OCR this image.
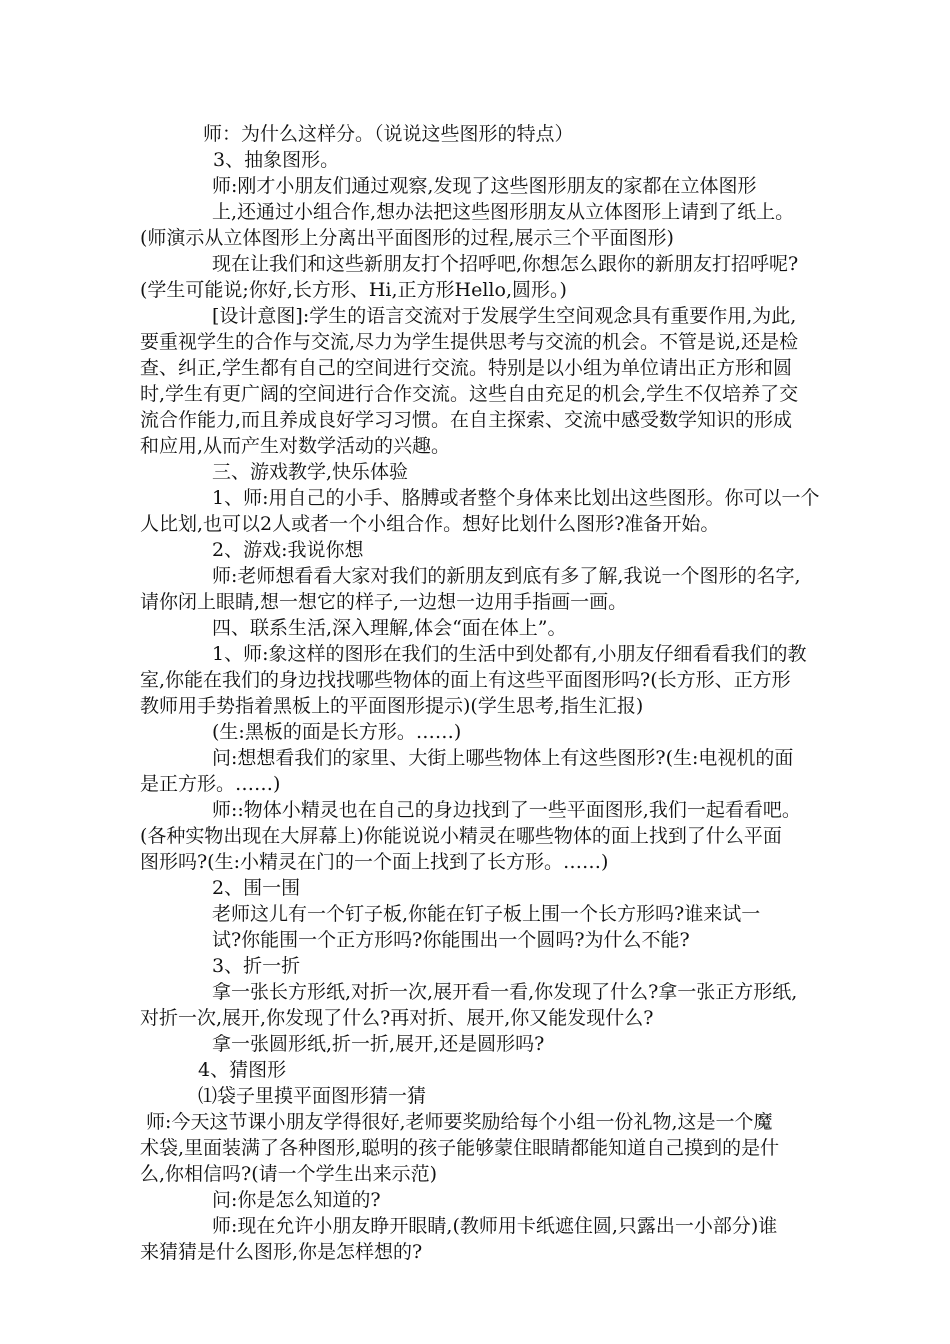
师：为什么这样分。（说说这些图形的特点）
3、抽象图形。
师:刚才小朋友们通过观察,发现了这些图形朋友的家都在立体图形
上,还通过小组合作,想办法把这些图形朋友从立体图形上请到了纸上。
(师演示从立体图形上分离出平面图形的过程,展示三个平面图形)
现在让我们和这些新朋友打个招呼吧,你想怎么跟你的新朋友打招呼呢?
(学生可能说;你好,长方形、Hi,正方形Hello,圆形。)
[设计意图]:学生的语言交流对于发展学生空间观念具有重要作用,为此,
要重视学生的合作与交流,尽力为学生提供思考与交流的机会。不管是说,还是检
查、纠正,学生都有自己的空间进行交流。特别是以小组为单位请出正方形和圆
时,学生有更广阔的空间进行合作交流。这些自由充足的机会,学生不仅培养了交
流合作能力,而且养成良好学习习惯。在自主探索、交流中感受数学知识的形成
和应用,从而产生对数学活动的兴趣。
三、游戏教学,快乐体验
1、师:用自己的小手、胳膊或者整个身体来比划出这些图形。你可以一个
人比划,也可以2人或者一个小组合作。想好比划什么图形?准备开始。
2、游戏:我说你想
师:老师想看看大家对我们的新朋友到底有多了解,我说一个图形的名字,
请你闭上眼睛,想一想它的样子,一边想一边用手指画一画。
四、联系生活,深入理解,体会“面在体上”。
1、师:象这样的图形在我们的生活中到处都有,小朋友仔细看看我们的教
室,你能在我们的身边找找哪些物体的面上有这些平面图形吗?(长方形、正方形
教师用手势指着黑板上的平面图形提示)(学生思考,指生汇报)
(生:黑板的面是长方形。……)
问:想想看我们的家里、大街上哪些物体上有这些图形?(生:电视机的面
是正方形。……)
师::物体小精灵也在自己的身边找到了一些平面图形,我们一起看看吧。
(各种实物出现在大屏幕上)你能说说小精灵在哪些物体的面上找到了什么平面
图形吗?(生:小精灵在门的一个面上找到了长方形。……)
2、围一围
老师这儿有一个钉子板,你能在钉子板上围一个长方形吗?谁来试一
试?你能围一个正方形吗?你能围出一个圆吗?为什么不能?
3、折一折
拿一张长方形纸,对折一次,展开看一看,你发现了什么?拿一张正方形纸,
对折一次,展开,你发现了什么?再对折、展开,你又能发现什么?
拿一张圆形纸,折一折,展开,还是圆形吗?
4、猜图形
⑴袋子里摸平面图形猜一猜
师:今天这节课小朋友学得很好,老师要奖励给每个小组一份礼物,这是一个魔
术袋,里面装满了各种图形,聪明的孩子能够蒙住眼睛都能知道自己摸到的是什
么,你相信吗?(请一个学生出来示范)
问:你是怎么知道的?
师:现在允许小朋友睁开眼睛,(教师用卡纸遮住圆,只露出一小部分)谁
来猜猜是什么图形,你是怎样想的?
